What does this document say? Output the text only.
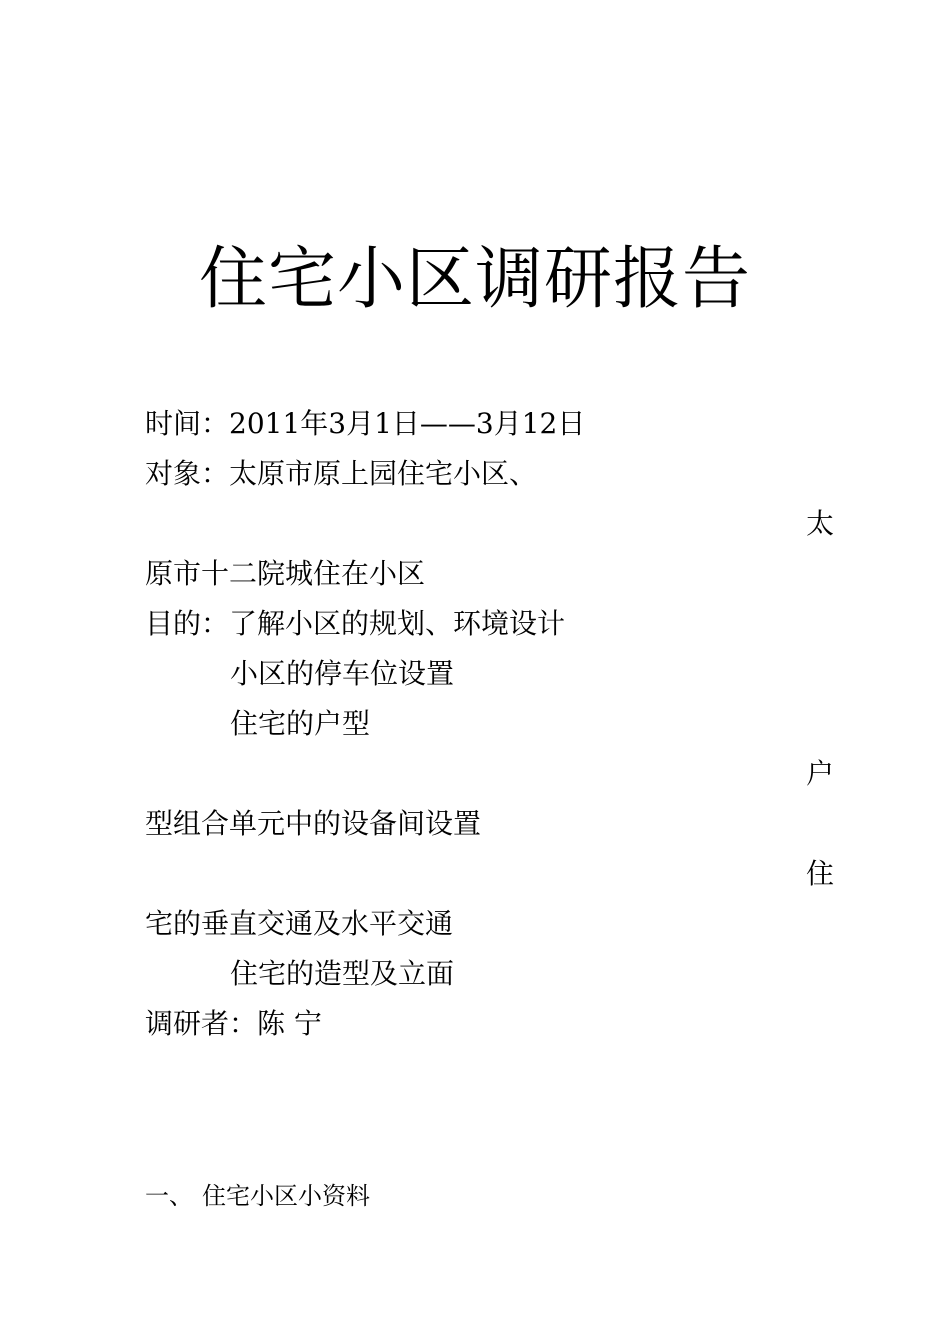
住宅小区调研报告
时间：2011年3月1日——3月12日
对象：太原市原上园住宅小区、
太
原市十二院城住在小区
目的：了解小区的规划、环境设计
小区的停车位设置
住宅的户型
户
型组合单元中的设备间设置
住
宅的垂直交通及水平交通
住宅的造型及立面
调研者：陈 宁
一、 住宅小区小资料
